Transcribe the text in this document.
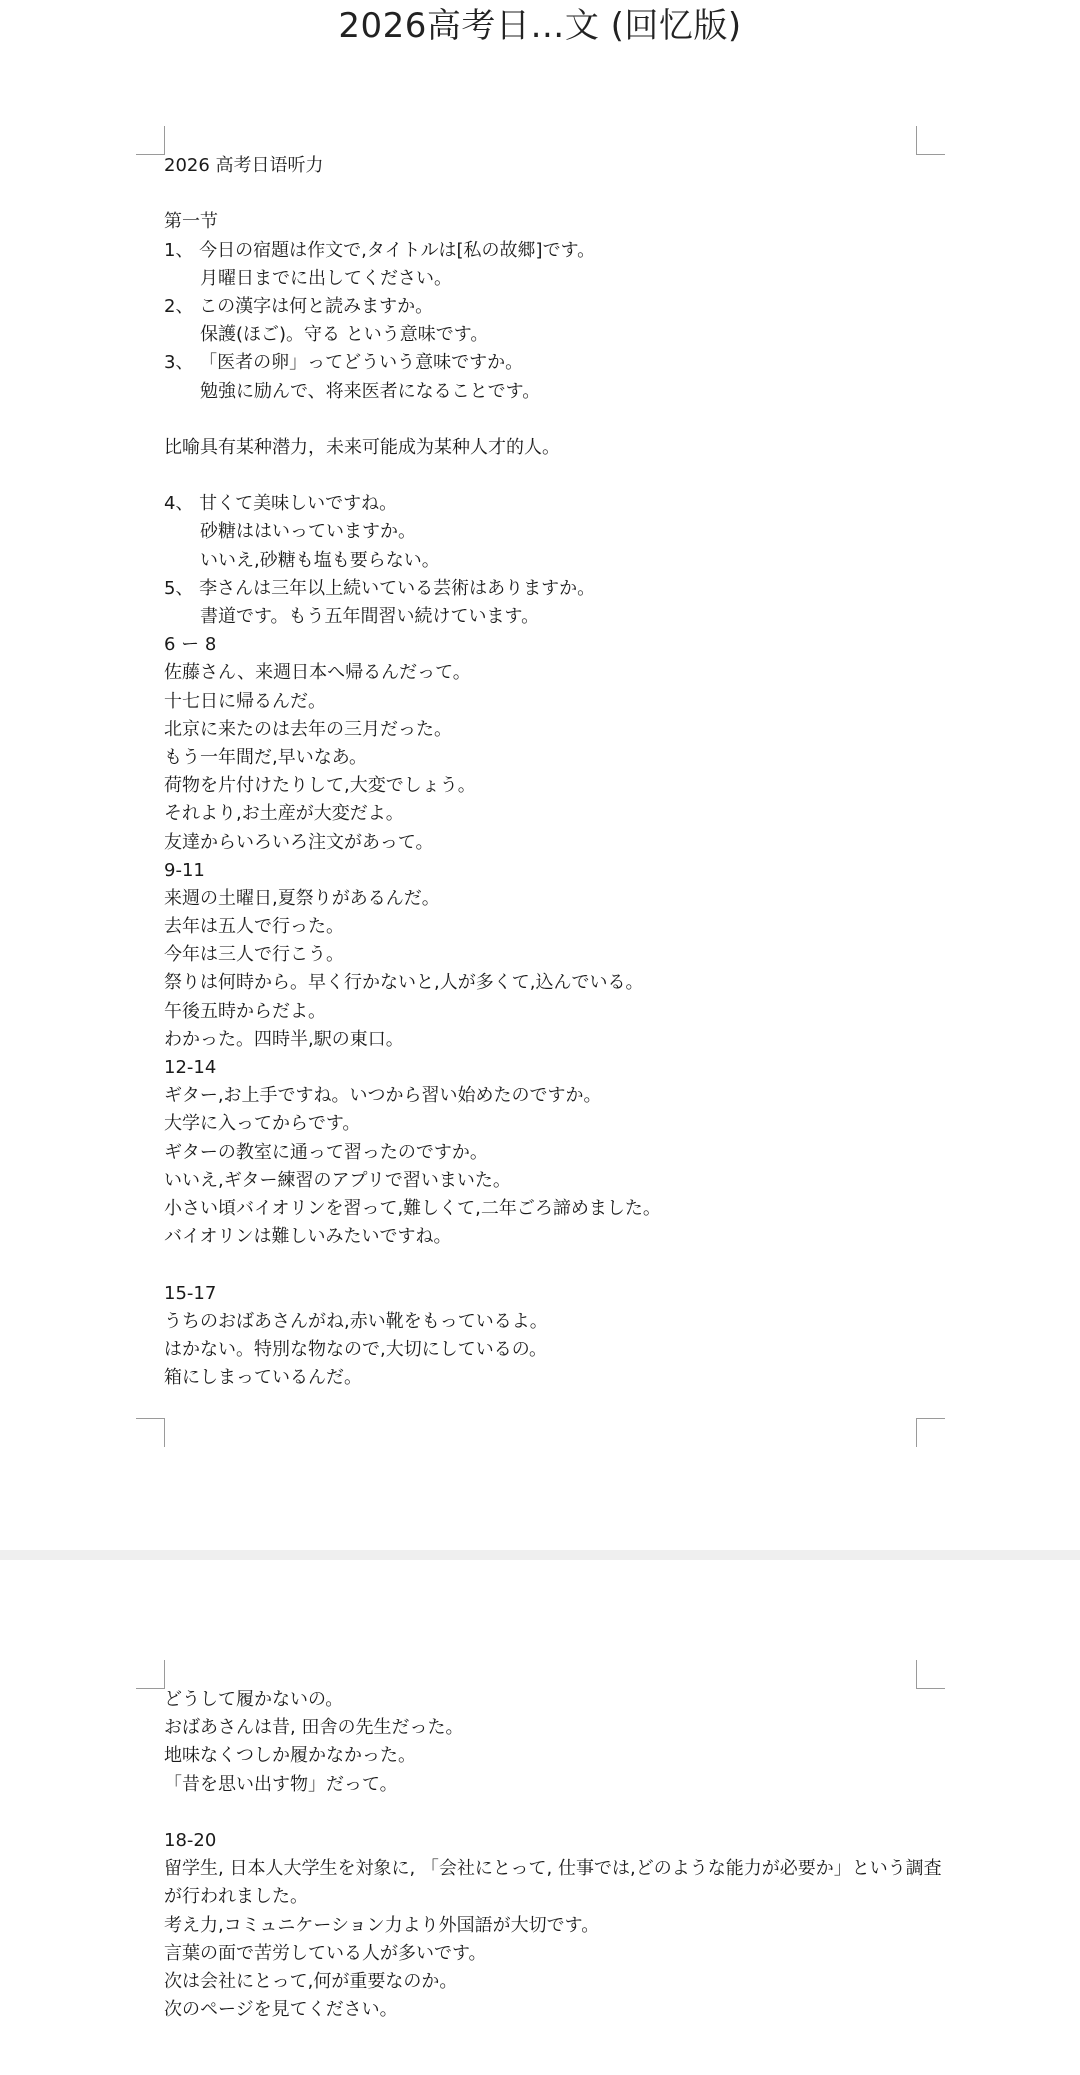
2026高考日…文 (回忆版)
2026 高考日语听力
第一节
1、 今日の宿題は作文で,タイトルは[私の故郷]です。
月曜日までに出してください。
2、 この漢字は何と読みますか。
保護(ほご)。守る という意味です。
3、 「医者の卵」ってどういう意味ですか。
勉強に励んで、将来医者になることです。
比喻具有某种潜力，未来可能成为某种人才的人。
4、 甘くて美味しいですね。
砂糖ははいっていますか。
いいえ,砂糖も塩も要らない。
5、 李さんは三年以上続いている芸術はありますか。
書道です。もう五年間習い続けています。
6 ー 8
佐藤さん、来週日本へ帰るんだって。
十七日に帰るんだ。
北京に来たのは去年の三月だった。
もう一年間だ,早いなあ。
荷物を片付けたりして,大変でしょう。
それより,お土産が大変だよ。
友達からいろいろ注文があって。
9-11
来週の土曜日,夏祭りがあるんだ。
去年は五人で行った。
今年は三人で行こう。
祭りは何時から。早く行かないと,人が多くて,込んでいる。
午後五時からだよ。
わかった。四時半,駅の東口。
12-14
ギター,お上手ですね。いつから習い始めたのですか。
大学に入ってからです。
ギターの教室に通って習ったのですか。
いいえ,ギター練習のアプリで習いまいた。
小さい頃バイオリンを習って,難しくて,二年ごろ諦めました。
バイオリンは難しいみたいですね。
15-17
うちのおばあさんがね,赤い靴をもっているよ。
はかない。特別な物なので,大切にしているの。
箱にしまっているんだ。
どうして履かないの。
おばあさんは昔, 田舎の先生だった。
地味なくつしか履かなかった。
「昔を思い出す物」だって。
18-20
留学生, 日本人大学生を対象に, 「会社にとって, 仕事では,どのような能力が必要か」という調査が行われました。
考え力,コミュニケーション力より外国語が大切です。
言葉の面で苦労している人が多いです。
次は会社にとって,何が重要なのか。
次のページを見てください。
